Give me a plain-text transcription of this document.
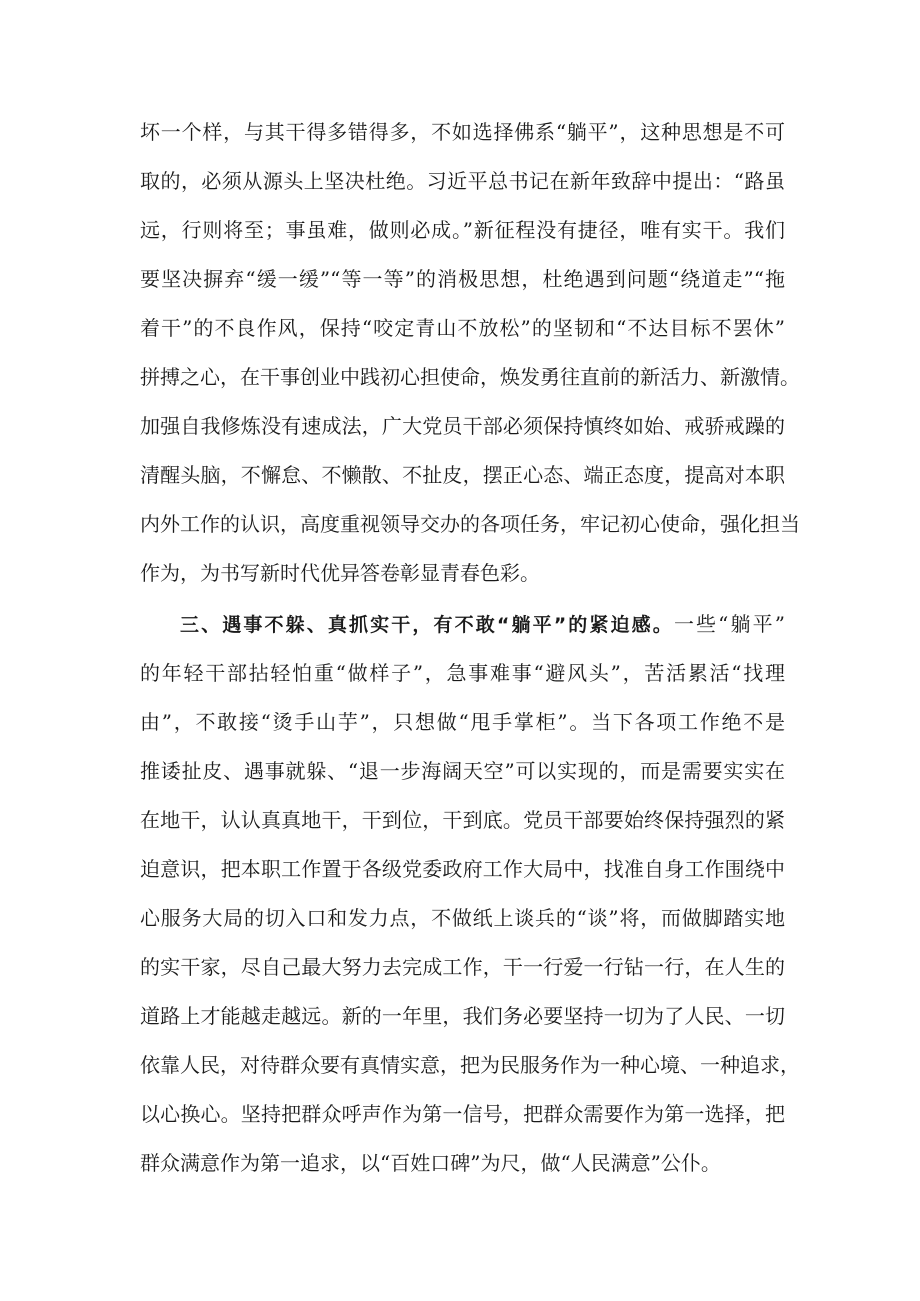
坏一个样，与其干得多错得多，不如选择佛系“躺平”，这种思想是不可
取的，必须从源头上坚决杜绝。习近平总书记在新年致辞中提出：“路虽
远，行则将至；事虽难，做则必成。”新征程没有捷径，唯有实干。我们
要坚决摒弃“缓一缓”“等一等”的消极思想，杜绝遇到问题“绕道走”“拖
着干”的不良作风，保持“咬定青山不放松”的坚韧和“不达目标不罢休”
拼搏之心，在干事创业中践初心担使命，焕发勇往直前的新活力、新激情。
加强自我修炼没有速成法，广大党员干部必须保持慎终如始、戒骄戒躁的
清醒头脑，不懈怠、不懒散、不扯皮，摆正心态、端正态度，提高对本职
内外工作的认识，高度重视领导交办的各项任务，牢记初心使命，强化担当
作为，为书写新时代优异答卷彰显青春色彩。
三、遇事不躲、真抓实干，有不敢“躺平”的紧迫感。一些“躺平”
的年轻干部拈轻怕重“做样子”，急事难事“避风头”，苦活累活“找理
由”，不敢接“烫手山芋”，只想做“甩手掌柜”。当下各项工作绝不是
推诿扯皮、遇事就躲、“退一步海阔天空”可以实现的，而是需要实实在
在地干，认认真真地干，干到位，干到底。党员干部要始终保持强烈的紧
迫意识，把本职工作置于各级党委政府工作大局中，找准自身工作围绕中
心服务大局的切入口和发力点，不做纸上谈兵的“谈”将，而做脚踏实地
的实干家，尽自己最大努力去完成工作，干一行爱一行钻一行，在人生的
道路上才能越走越远。新的一年里，我们务必要坚持一切为了人民、一切
依靠人民，对待群众要有真情实意，把为民服务作为一种心境、一种追求，
以心换心。坚持把群众呼声作为第一信号，把群众需要作为第一选择，把
群众满意作为第一追求，以“百姓口碑”为尺，做“人民满意”公仆。
